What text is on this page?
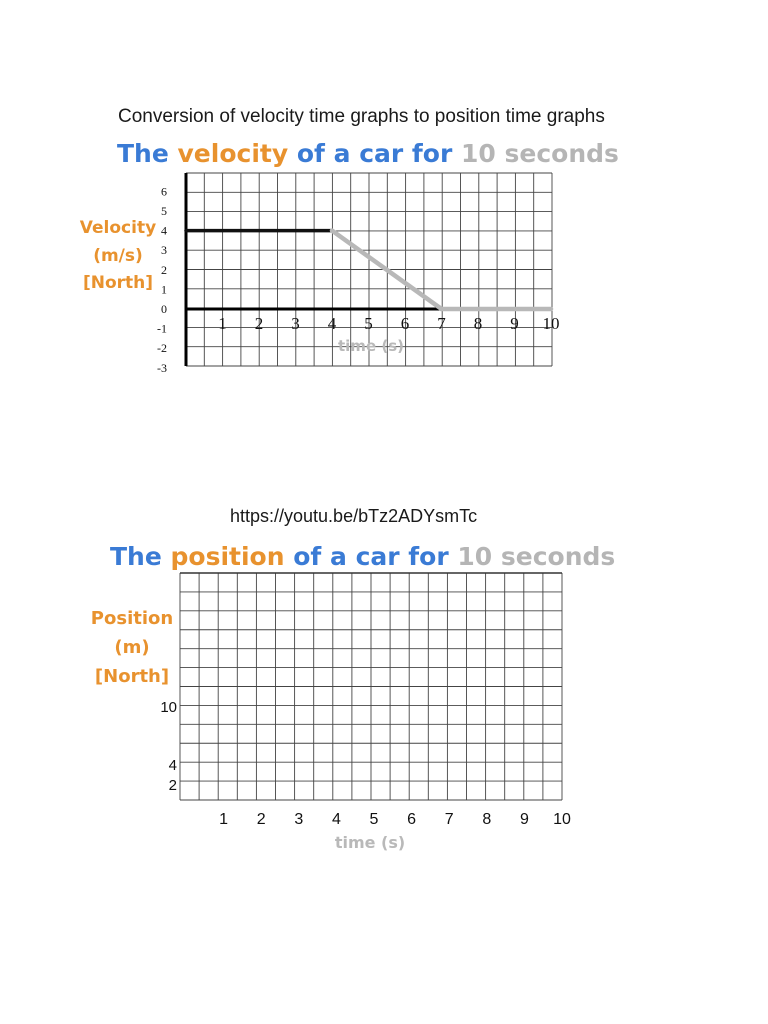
Conversion of velocity time graphs to position time graphs
https://youtu.be/bTz2ADYsmTc
The velocity of a car for 10 seconds
6
5
4
3
2
1
0
-1
-2
-3
1 2 3 4 5 6 7 8 9 10
Velocity
(m/s)
[North]
time (s)
The position of a car for 10 seconds
10
4
2
1 2 3 4 5 6 7 8 9 10
Position
(m)
[North]
time (s)
